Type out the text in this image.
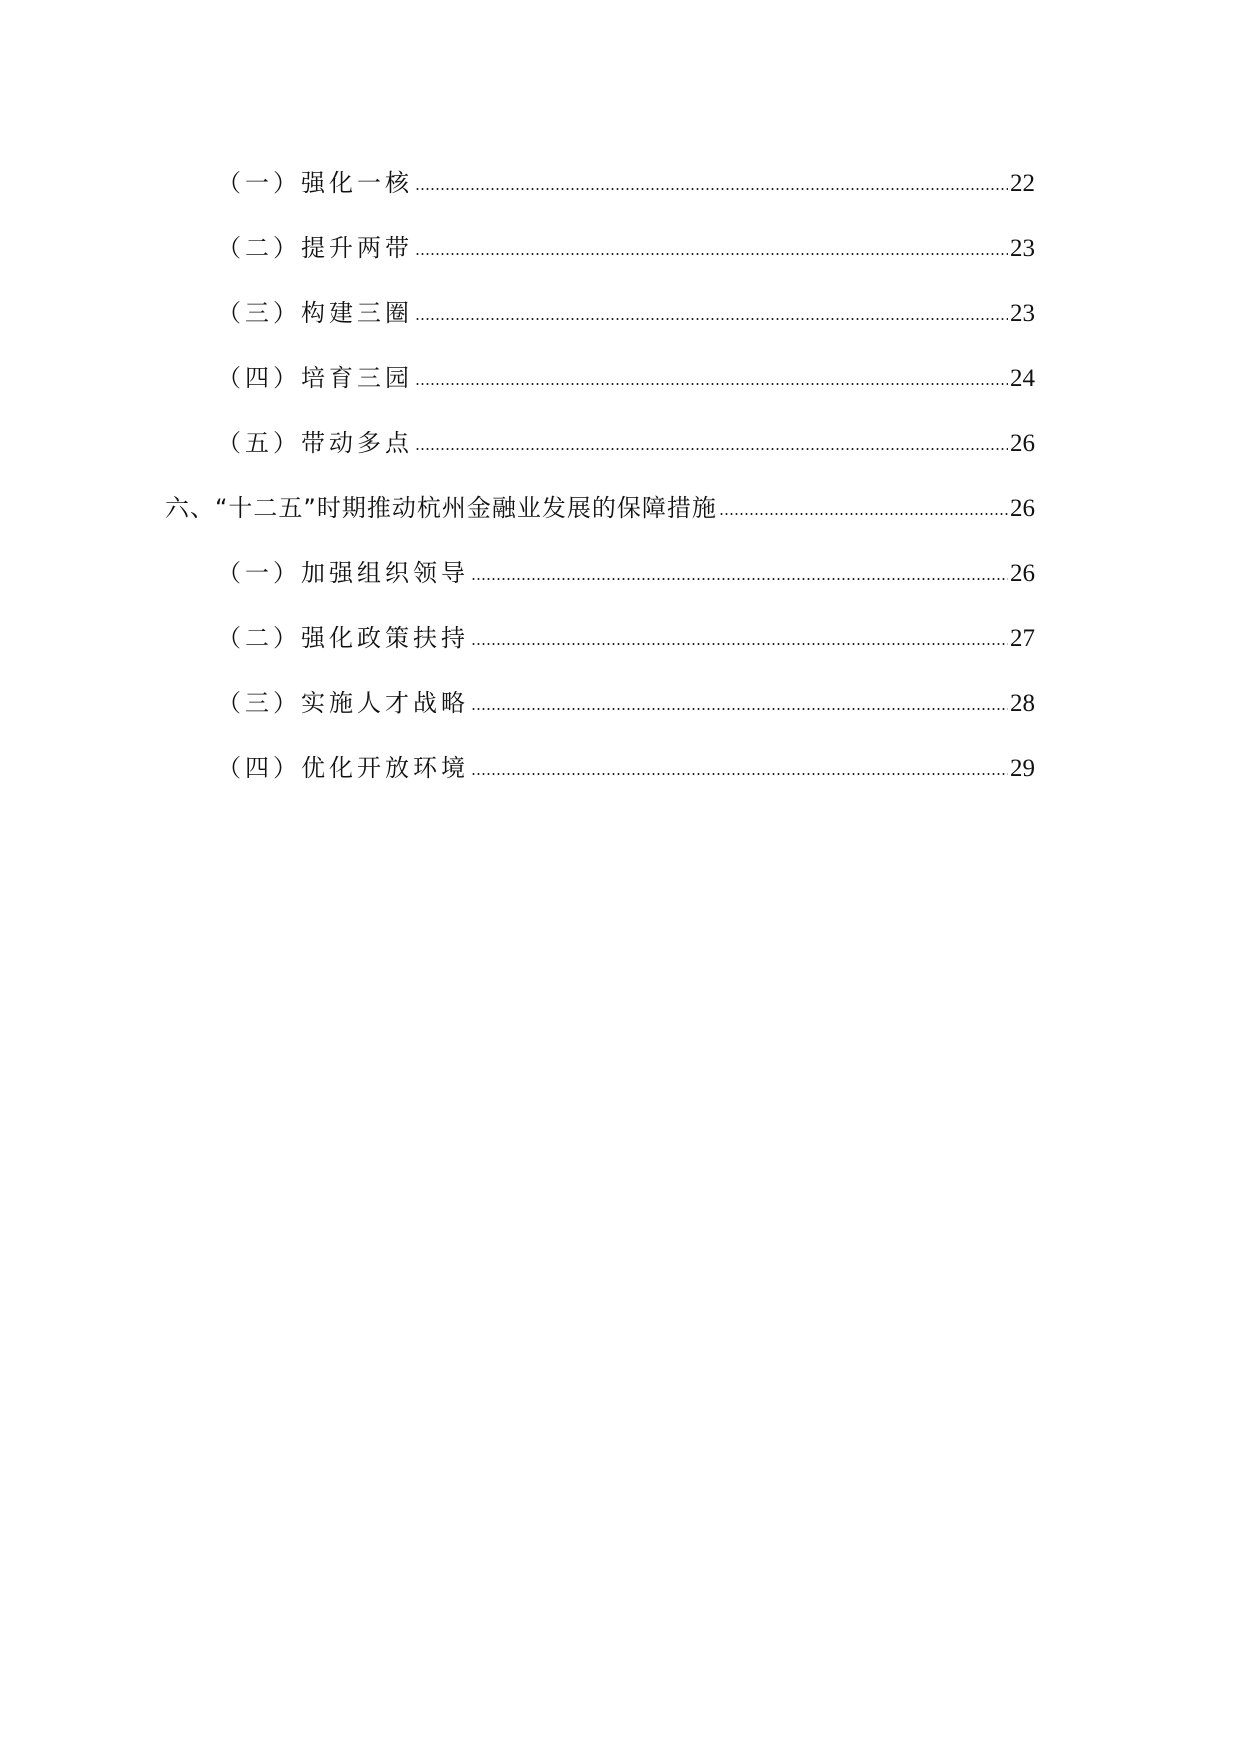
（一）强化一核	22
（二）提升两带	23
（三）构建三圈	23
（四）培育三园	24
（五）带动多点	26
六、“十二五”时期推动杭州金融业发展的保障措施	26
（一）加强组织领导	26
（二）强化政策扶持	27
（三）实施人才战略	28
（四）优化开放环境	29
